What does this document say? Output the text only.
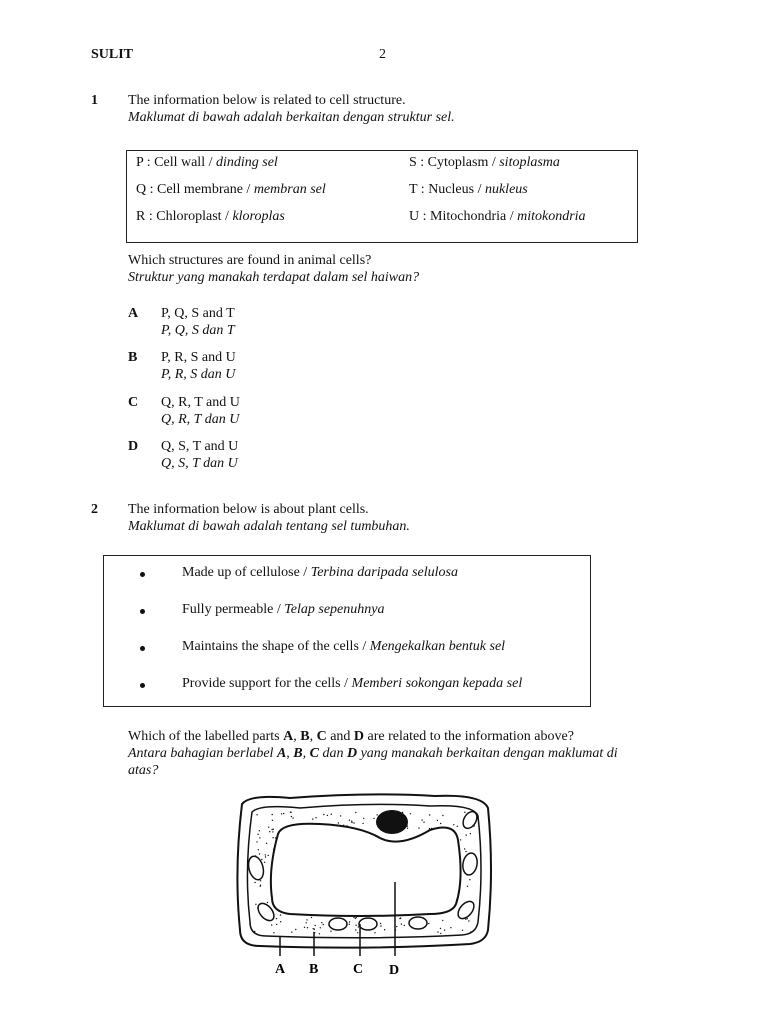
SULIT	2
1 The information below is related to cell structure.
Maklumat di bawah adalah berkaitan dengan struktur sel.
P : Cell wall / dinding sel
Q : Cell membrane / membran sel
R : Chloroplast / kloroplas
S : Cytoplasm / sitoplasma
T : Nucleus / nukleus
U : Mitochondria / mitokondria
Which structures are found in animal cells?
Struktur yang manakah terdapat dalam sel haiwan?
A P, Q, S and T
P, Q, S dan T
B P, R, S and U
P, R, S dan U
C Q, R, T and U
Q, R, T dan U
D Q, S, T and U
Q, S, T dan U
2 The information below is about plant cells.
Maklumat di bawah adalah tentang sel tumbuhan.
Made up of cellulose / Terbina daripada selulosa
Fully permeable / Telap sepenuhnya
Maintains the shape of the cells / Mengekalkan bentuk sel
Provide support for the cells / Memberi sokongan kepada sel
Which of the labelled parts A, B, C and D are related to the information above?
Antara bahagian berlabel A, B, C dan D yang manakah berkaitan dengan maklumat di
atas?
A B C D
